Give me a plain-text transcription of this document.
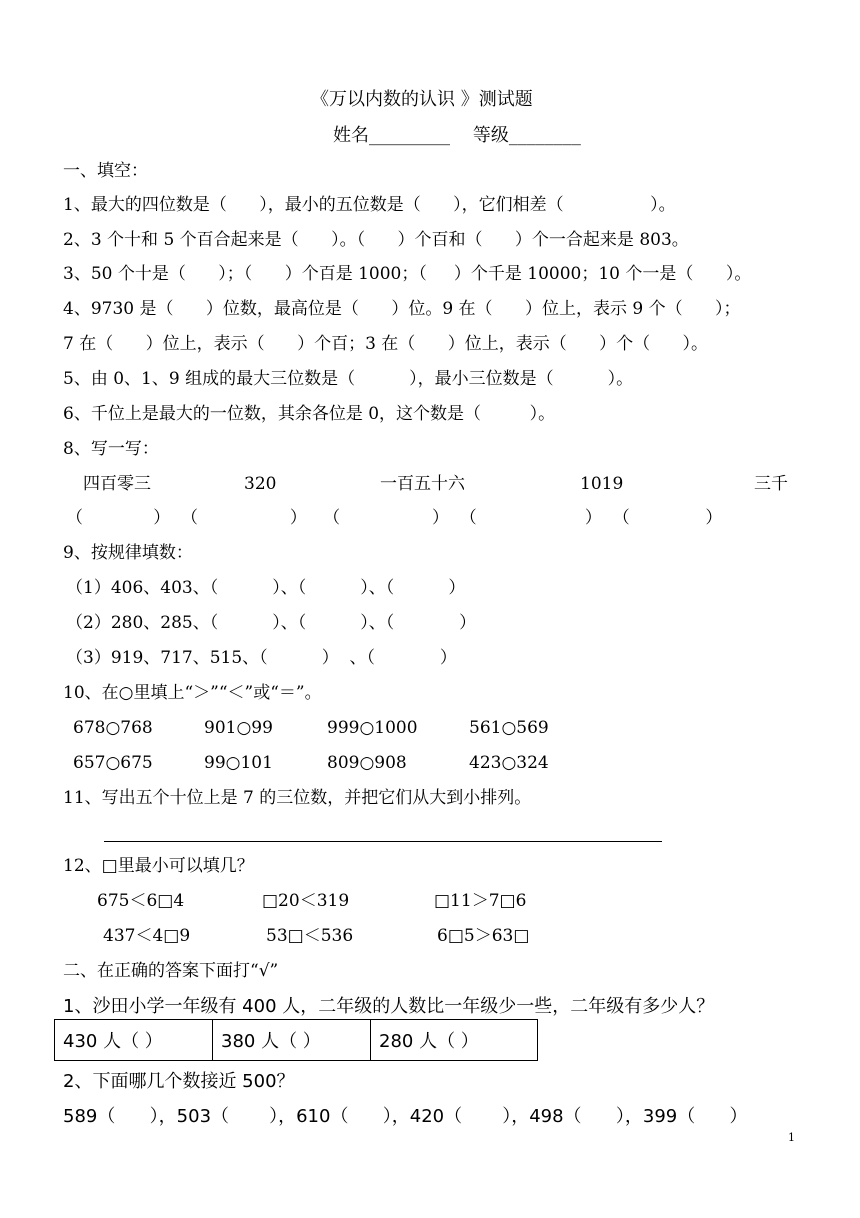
《万以内数的认识 》测试题
姓名_________    等级________
一、填空：
1、最大的四位数是（      ），最小的五位数是（      ），它们相差（                ）。
2、3 个十和 5 个百合起来是（      ）。（      ）个百和（      ）个一合起来是 803。
3、50 个十是（      ）；（      ）个百是 1000；（     ）个千是 10000；10 个一是（      ）。
4、9730 是（      ）位数，最高位是（      ）位。9 在（      ）位上，表示 9 个（      ）；
7 在（      ）位上，表示（      ）个百；3 在（      ）位上，表示（      ）个（      ）。
5、由 0、1、9 组成的最大三位数是（          ），最小三位数是（          ）。
6、千位上是最大的一位数，其余各位是 0，这个数是（         ）。
8、写一写：
四百零三	320	一百五十六	1019	三千
（             ）  （                 ）   （                 ）  （                    ）  （              ）
9、按规律填数：
（1）406、403、（          ）、（          ）、（          ）
（2）280、285、（          ）、（          ）、（            ）
（3）919、717、515、（          ）  、（            ）
10、在○里填上“＞”“＜”或“＝”。
678○768	901○99	999○1000	561○569
657○675	99○101	809○908	423○324
11、写出五个十位上是 7 的三位数，并把它们从大到小排列。
12、□里最小可以填几？
675＜6□4	□20＜319	□11＞7□6
437＜4□9	53□＜536	6□5＞63□
二、在正确的答案下面打“√”
1、沙田小学一年级有 400 人，二年级的人数比一年级少一些，二年级有多少人？
430 人（ ）	380 人（ ）	280 人（ ）
2、下面哪几个数接近 500？
589（      ），503（       ），610（      ），420（       ），498（      ），399（      ）
1
